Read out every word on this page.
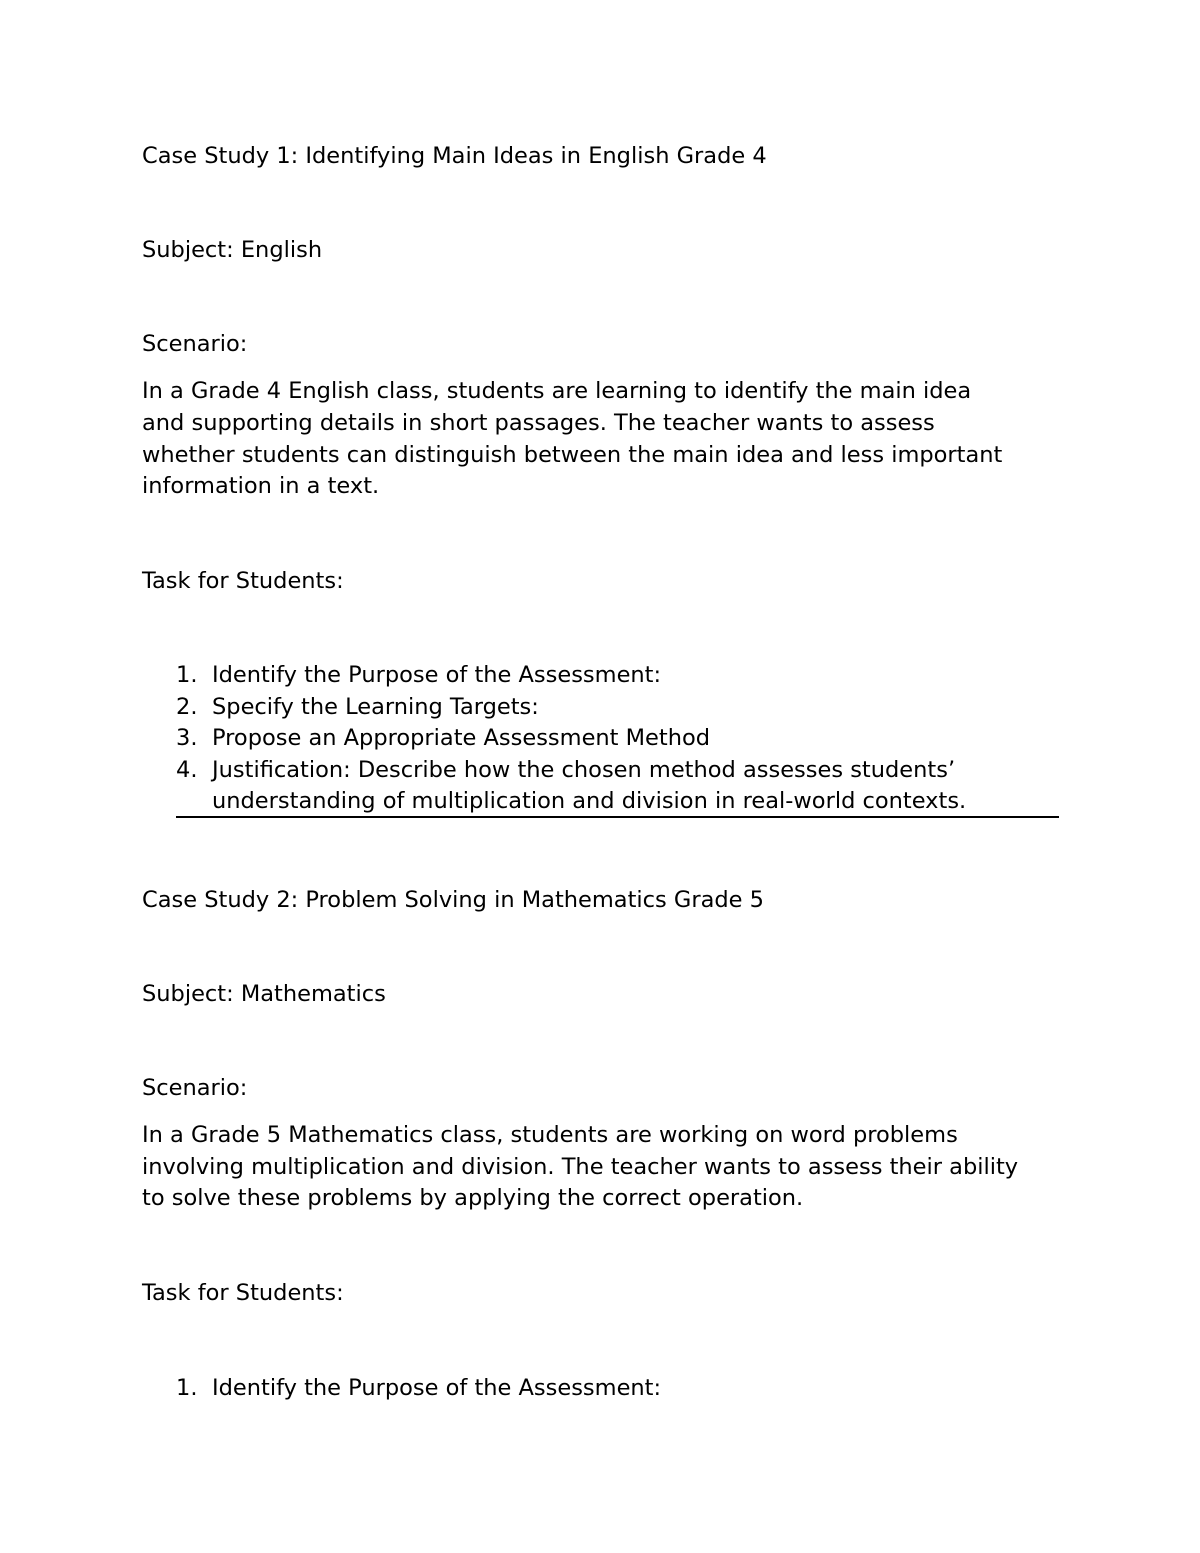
Case Study 1: Identifying Main Ideas in English Grade 4

Subject: English

Scenario:

In a Grade 4 English class, students are learning to identify the main idea

and supporting details in short passages. The teacher wants to assess

whether students can distinguish between the main idea and less important

information in a text.

Task for Students:

1. Identify the Purpose of the Assessment:
2. Specify the Learning Targets:
3. Propose an Appropriate Assessment Method
4. Justification: Describe how the chosen method assesses students’
understanding of multiplication and division in real-world contexts.

Case Study 2: Problem Solving in Mathematics Grade 5

Subject: Mathematics

Scenario:

In a Grade 5 Mathematics class, students are working on word problems

involving multiplication and division. The teacher wants to assess their ability

to solve these problems by applying the correct operation.

Task for Students:

1. Identify the Purpose of the Assessment:
